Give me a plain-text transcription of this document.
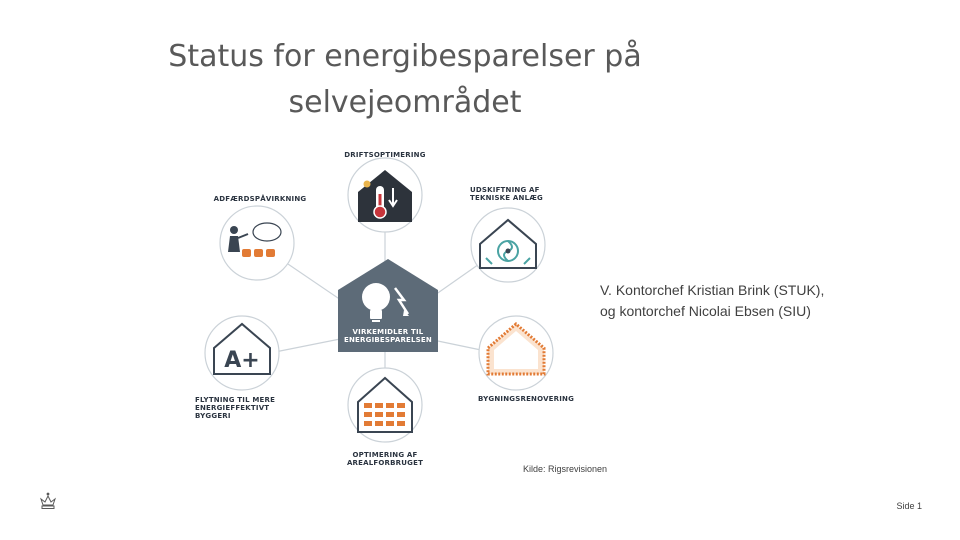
Status for energibesparelser på
selvejeområdet
A+
VIRKEMIDLER TIL
ENERGIBESPARELSEN
DRIFTSOPTIMERING
ADFÆRDSPÅVIRKNING
UDSKIFTNING AF
TEKNISKE ANLÆG
FLYTNING TIL MERE
ENERGIEFFEKTIVT BYGGERI
BYGNINGSRENOVERING
OPTIMERING AF
AREALFORBRUGET
V. Kontorchef Kristian Brink (STUK),
og kontorchef Nicolai Ebsen (SIU)
Kilde: Rigsrevisionen
Side 1
